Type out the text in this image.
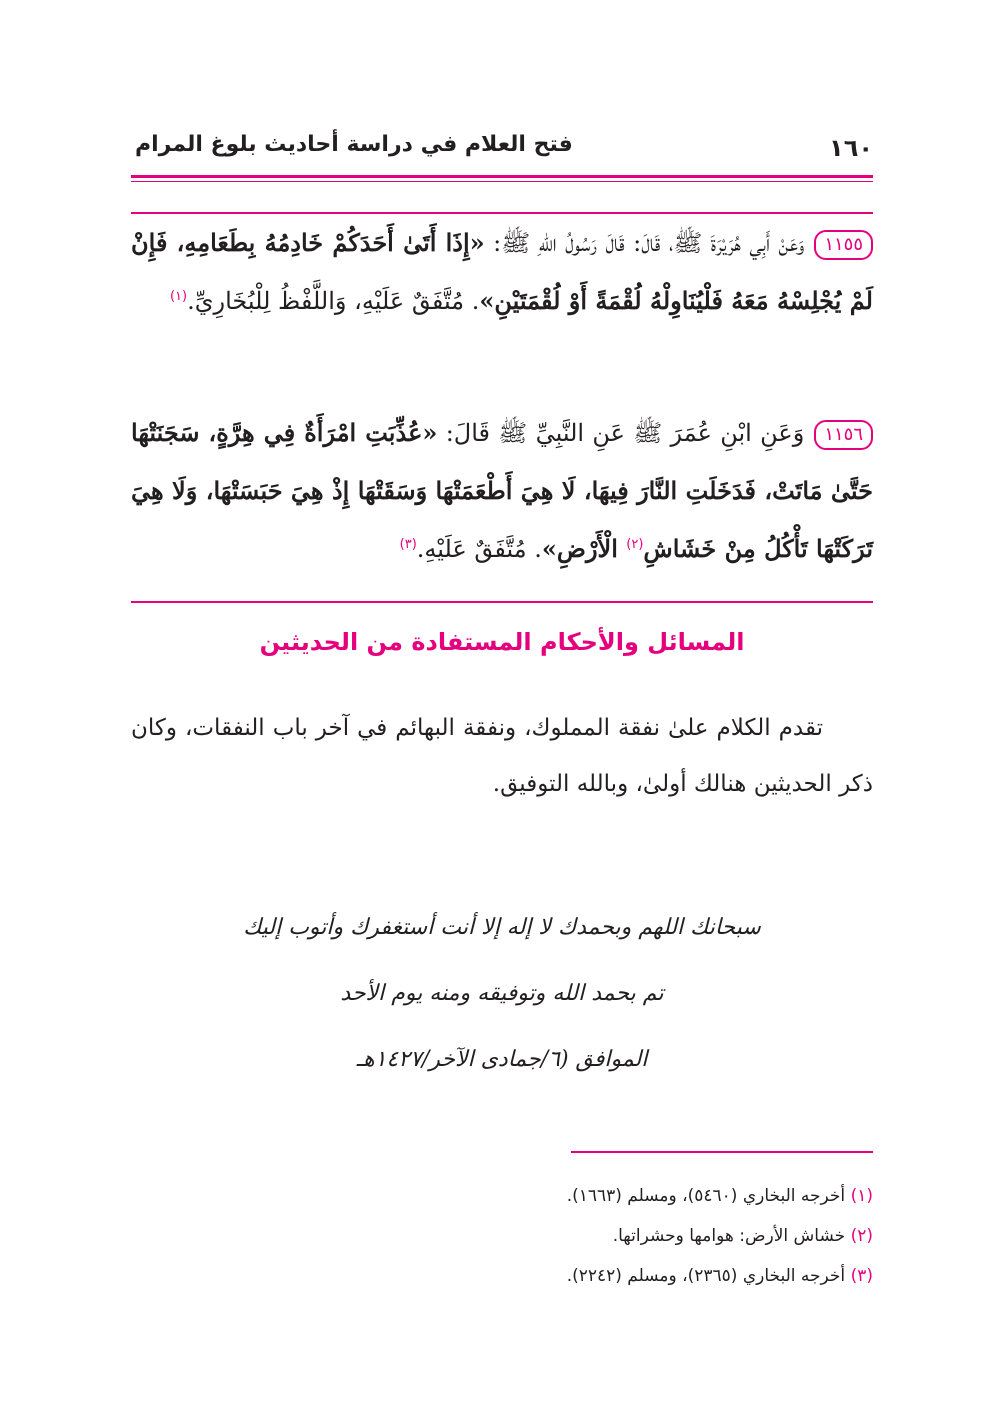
١٦٠
فتح العلام في دراسة أحاديث بلوغ المرام
١١٥٥وَعَنْ أَبِي هُرَيْرَةَ ﷺ، قَالَ: قَالَ رَسُولُ اللهِ ﷺ: «إِذَا أَتَىٰ أَحَدَكُمْ خَادِمُهُ بِطَعَامِهِ، فَإِنْ لَمْ يُجْلِسْهُ مَعَهُ فَلْيُنَاوِلْهُ لُقْمَةً أَوْ لُقْمَتَيْنِ». مُتَّفَقٌ عَلَيْهِ، وَاللَّفْظُ لِلْبُخَارِيِّ.$^{(١)}$
١١٥٦وَعَنِ ابْنِ عُمَرَ ﷺ عَنِ النَّبِيِّ ﷺ قَالَ: «عُذِّبَتِ امْرَأَةٌ فِي هِرَّةٍ، سَجَنَتْهَا حَتَّىٰ مَاتَتْ، فَدَخَلَتِ النَّارَ فِيهَا، لَا هِيَ أَطْعَمَتْهَا وَسَقَتْهَا إِذْ هِيَ حَبَسَتْهَا، وَلَا هِيَ تَرَكَتْهَا تَأْكُلُ مِنْ خَشَاشِ$^{(٢)}$ الْأَرْضِ». مُتَّفَقٌ عَلَيْهِ.$^{(٣)}$
المسائل والأحكام المستفادة من الحديثين
تقدم الكلام علىٰ نفقة المملوك، ونفقة البهائم في آخر باب النفقات، وكان ذكر الحديثين هنالك أولىٰ، وبالله التوفيق.
سبحانك اللهم وبحمدك لا إله إلا أنت أستغفرك وأتوب إليك
تم بحمد الله وتوفيقه ومنه يوم الأحد
الموافق (٦/جمادى الآخر/١٤٢٧هـ
(١) أخرجه البخاري (٥٤٦٠)، ومسلم (١٦٦٣).
(٢) خشاش الأرض: هوامها وحشراتها.
(٣) أخرجه البخاري (٢٣٦٥)، ومسلم (٢٢٤٢).
